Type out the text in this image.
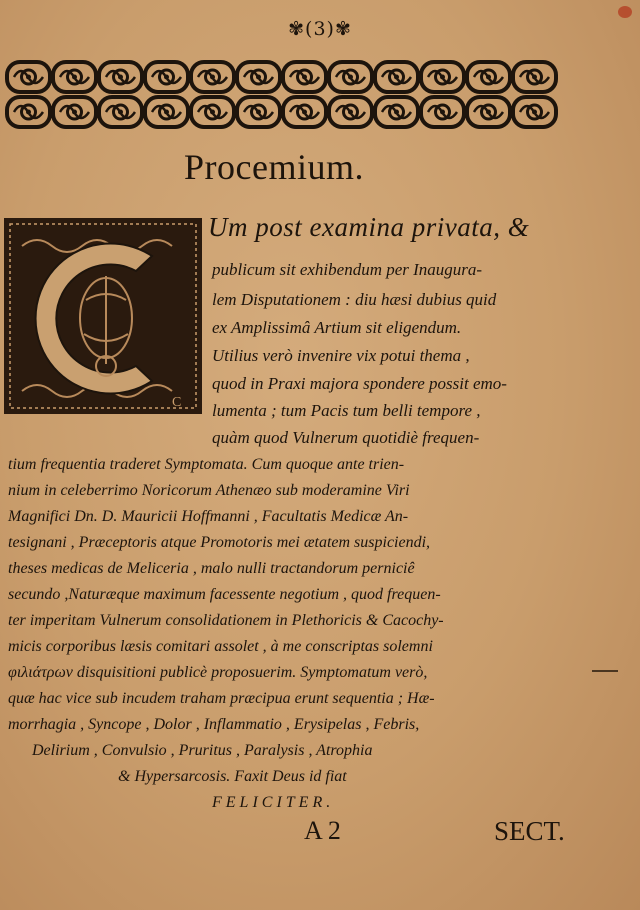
✾(3)✾
Procemium.
C
Um post examina privata, &
publicum sit exhibendum per Inaugura-
lem Disputationem : diu hæsi dubius quid
ex Amplissimâ Artium sit eligendum.
Utilius verò invenire vix potui thema ,
quod in Praxi majora spondere possit emo-
lumenta ; tum Pacis tum belli tempore ,
quàm quod Vulnerum quotidiè frequen-
tium frequentia traderet Symptomata. Cum quoque ante trien-
nium in celeberrimo Noricorum Athenæo sub moderamine Viri
Magnifici Dn. D. Mauricii Hoffmanni , Facultatis Medicæ An-
tesignani , Præceptoris atque Promotoris mei ætatem suspiciendi,
theses medicas de Meliceria , malo nulli tractandorum perniciê
secundo ,Naturæque maximum facessente negotium , quod frequen-
ter imperitam Vulnerum consolidationem in Plethoricis & Cacochy-
micis corporibus læsis comitari assolet , à me conscriptas solemni
φιλιάτρων disquisitioni publicè proposuerim. Symptomatum verò,
quæ hac vice sub incudem traham præcipua erunt sequentia ; Hæ-
morrhagia , Syncope , Dolor , Inflammatio , Erysipelas , Febris,
Delirium , Convulsio , Pruritus , Paralysis , Atrophia
& Hypersarcosis. Faxit Deus id fiat
FELICITER.
A 2	SECT.
